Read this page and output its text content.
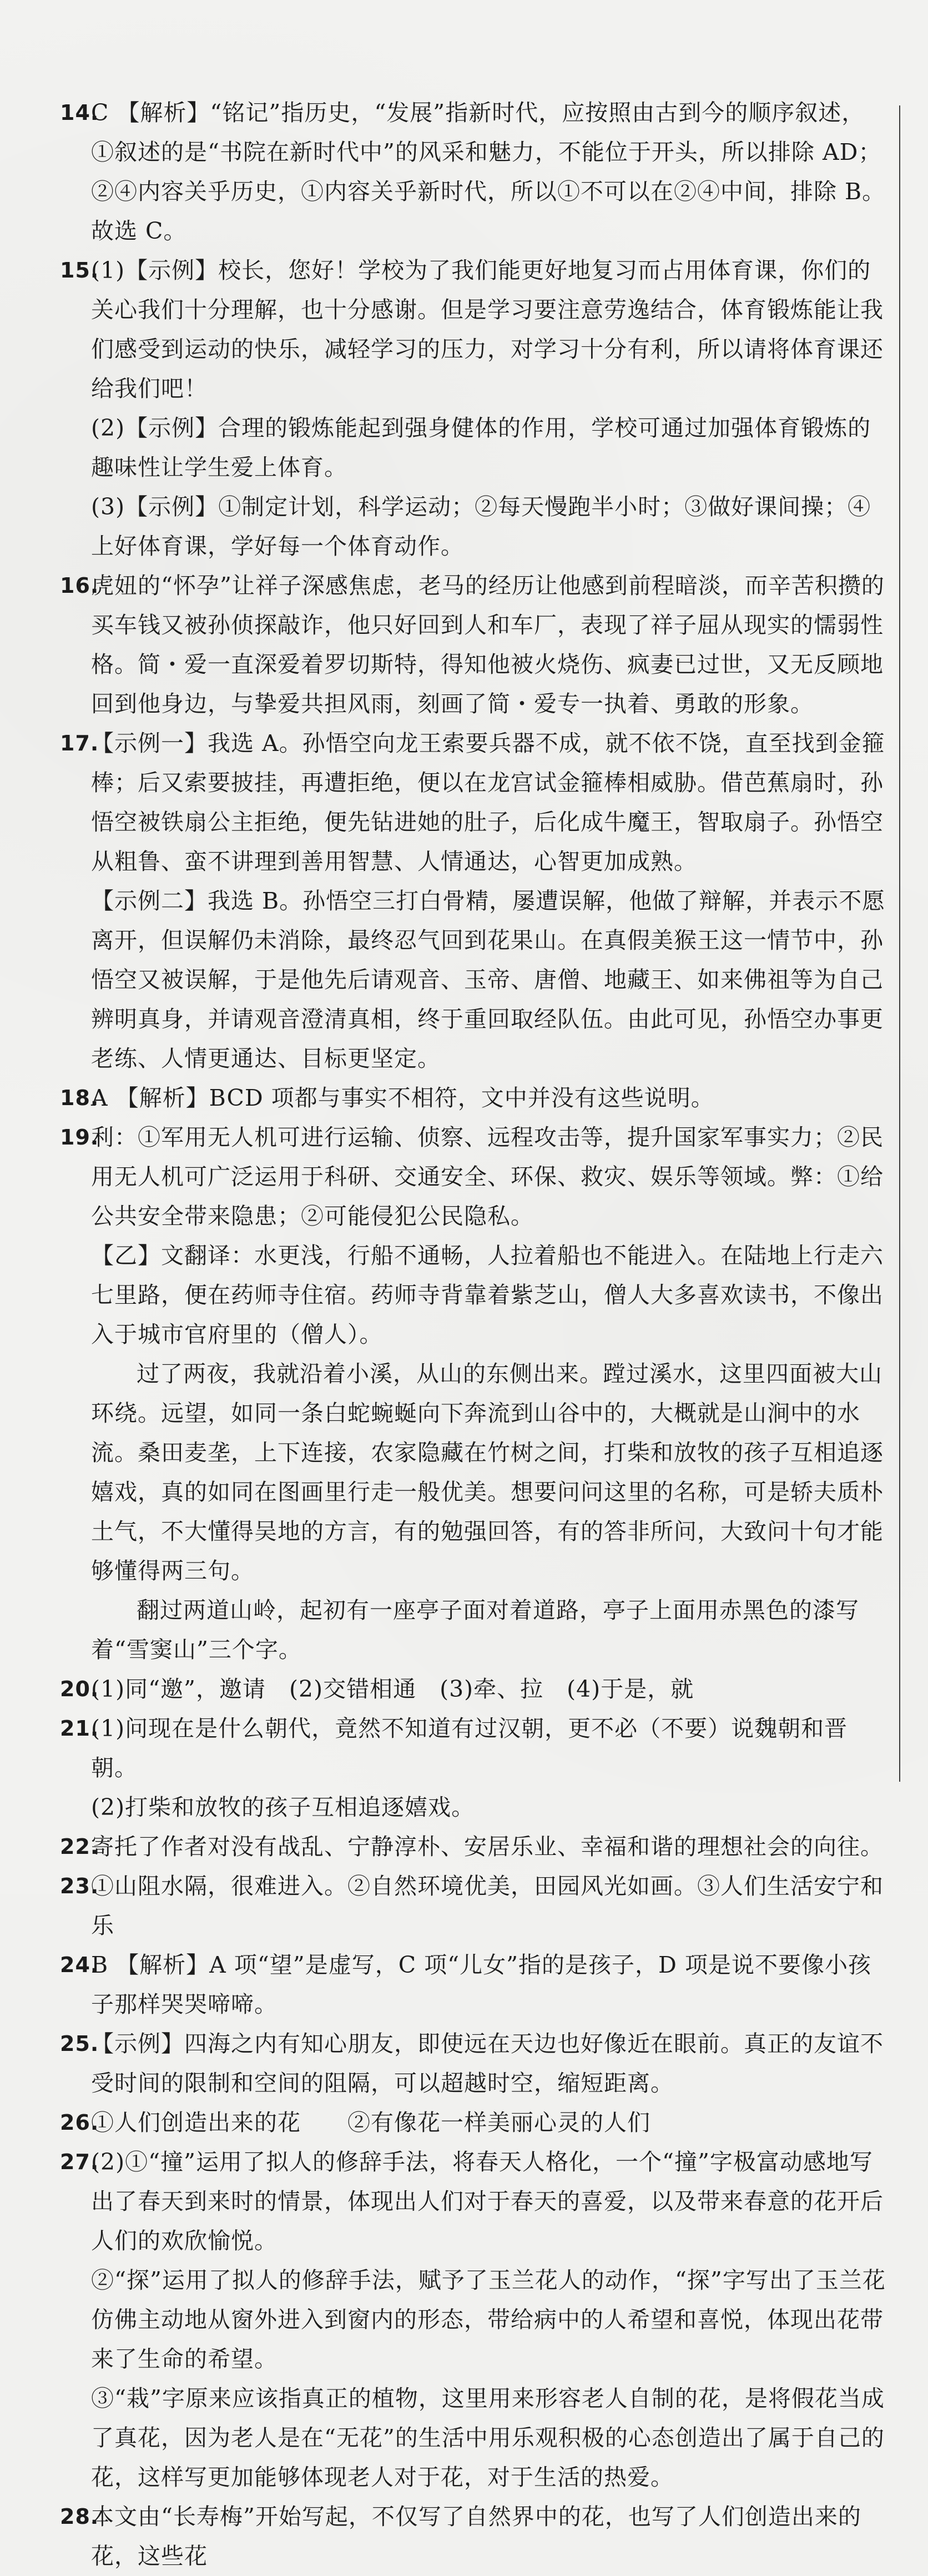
14.

C 【解析】“铭记”指历史，“发展”指新时代，应按照由古到今的顺序叙述，①叙述的是“书院在新时代中”的风采和魅力，不能位于开头，所以排除 AD；②④内容关乎历史，①内容关乎新时代，所以①不可以在②④中间，排除 B。故选 C。

15.
(1)【示例】校长，您好！学校为了我们能更好地复习而占用体育课，你们的关心我们十分理解，也十分感谢。但是学习要注意劳逸结合，体育锻炼能让我们感受到运动的快乐，减轻学习的压力，对学习十分有利，所以请将体育课还给我们吧！
(2)【示例】合理的锻炼能起到强身健体的作用，学校可通过加强体育锻炼的趣味性让学生爱上体育。
(3)【示例】①制定计划，科学运动；②每天慢跑半小时；③做好课间操；④上好体育课，学好每一个体育动作。
16.

虎妞的“怀孕”让祥子深感焦虑，老马的经历让他感到前程暗淡，而辛苦积攒的买车钱又被孙侦探敲诈，他只好回到人和车厂，表现了祥子屈从现实的懦弱性格。简・爱一直深爱着罗切斯特，得知他被火烧伤、疯妻已过世，又无反顾地回到他身边，与挚爱共担风雨，刻画了简・爱专一执着、勇敢的形象。

17.
【示例一】我选 A。孙悟空向龙王索要兵器不成，就不依不饶，直至找到金箍棒；后又索要披挂，再遭拒绝，便以在龙宫试金箍棒相威胁。借芭蕉扇时，孙悟空被铁扇公主拒绝，便先钻进她的肚子，后化成牛魔王，智取扇子。孙悟空从粗鲁、蛮不讲理到善用智慧、人情通达，心智更加成熟。
【示例二】我选 B。孙悟空三打白骨精，屡遭误解，他做了辩解，并表示不愿离开，但误解仍未消除，最终忍气回到花果山。在真假美猴王这一情节中，孙悟空又被误解，于是他先后请观音、玉帝、唐僧、地藏王、如来佛祖等为自己辨明真身，并请观音澄清真相，终于重回取经队伍。由此可见，孙悟空办事更老练、人情更通达、目标更坚定。
18.

A 【解析】BCD 项都与事实不相符，文中并没有这些说明。

19.
利：①军用无人机可进行运输、侦察、远程攻击等，提升国家军事实力；②民用无人机可广泛运用于科研、交通安全、环保、救灾、娱乐等领域。弊：①给公共安全带来隐患；②可能侵犯公民隐私。
【乙】文翻译：水更浅，行船不通畅，人拉着船也不能进入。在陆地上行走六七里路，便在药师寺住宿。药师寺背靠着紫芝山，僧人大多喜欢读书，不像出入于城市官府里的（僧人）。
过了两夜，我就沿着小溪，从山的东侧出来。蹚过溪水，这里四面被大山环绕。远望，如同一条白蛇蜿蜒向下奔流到山谷中的，大概就是山涧中的水流。桑田麦垄，上下连接，农家隐藏在竹树之间，打柴和放牧的孩子互相追逐嬉戏，真的如同在图画里行走一般优美。想要问问这里的名称，可是轿夫质朴土气，不大懂得吴地的方言，有的勉强回答，有的答非所问，大致问十句才能够懂得两三句。
翻过两道山岭，起初有一座亭子面对着道路，亭子上面用赤黑色的漆写着“雪窦山”三个字。
20.

(1)同“邀”，邀请　(2)交错相通　(3)牵、拉　(4)于是，就

21.
(1)问现在是什么朝代，竟然不知道有过汉朝，更不必（不要）说魏朝和晋朝。
(2)打柴和放牧的孩子互相追逐嬉戏。
22.

寄托了作者对没有战乱、宁静淳朴、安居乐业、幸福和谐的理想社会的向往。

23.

①山阻水隔，很难进入。②自然环境优美，田园风光如画。③人们生活安宁和乐

24.

B 【解析】A 项“望”是虚写，C 项“儿女”指的是孩子，D 项是说不要像小孩子那样哭哭啼啼。

25.

【示例】四海之内有知心朋友，即使远在天边也好像近在眼前。真正的友谊不受时间的限制和空间的阻隔，可以超越时空，缩短距离。

26.

①人们创造出来的花　　②有像花一样美丽心灵的人们

27.
(2)①“撞”运用了拟人的修辞手法，将春天人格化，一个“撞”字极富动感地写出了春天到来时的情景，体现出人们对于春天的喜爱，以及带来春意的花开后人们的欢欣愉悦。
②“探”运用了拟人的修辞手法，赋予了玉兰花人的动作，“探”字写出了玉兰花仿佛主动地从窗外进入到窗内的形态，带给病中的人希望和喜悦，体现出花带来了生命的希望。
③“栽”字原来应该指真正的植物，这里用来形容老人自制的花，是将假花当成了真花，因为老人是在“无花”的生活中用乐观积极的心态创造出了属于自己的花，这样写更加能够体现老人对于花，对于生活的热爱。
28.

本文由“长寿梅”开始写起，不仅写了自然界中的花，也写了人们创造出来的花，这些花
